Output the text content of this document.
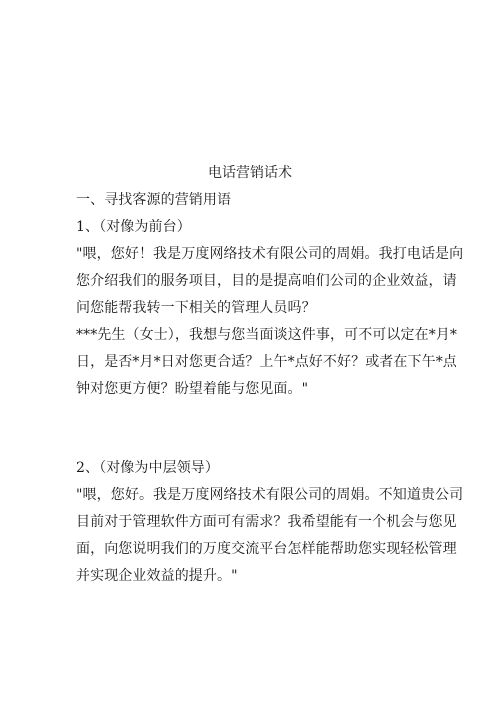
电话营销话术
一、寻找客源的营销用语
1、（对像为前台）
"喂，您好！我是万度网络技术有限公司的周娟。我打电话是向
您介绍我们的服务项目，目的是提高咱们公司的企业效益，请
问您能帮我转一下相关的管理人员吗？
***先生（女士），我想与您当面谈这件事，可不可以定在*月*
日，是否*月*日对您更合适？上午*点好不好？或者在下午*点
钟对您更方便？盼望着能与您见面。"
2、（对像为中层领导）
"喂，您好。我是万度网络技术有限公司的周娟。不知道贵公司
目前对于管理软件方面可有需求？我希望能有一个机会与您见
面，向您说明我们的万度交流平台怎样能帮助您实现轻松管理
并实现企业效益的提升。"
